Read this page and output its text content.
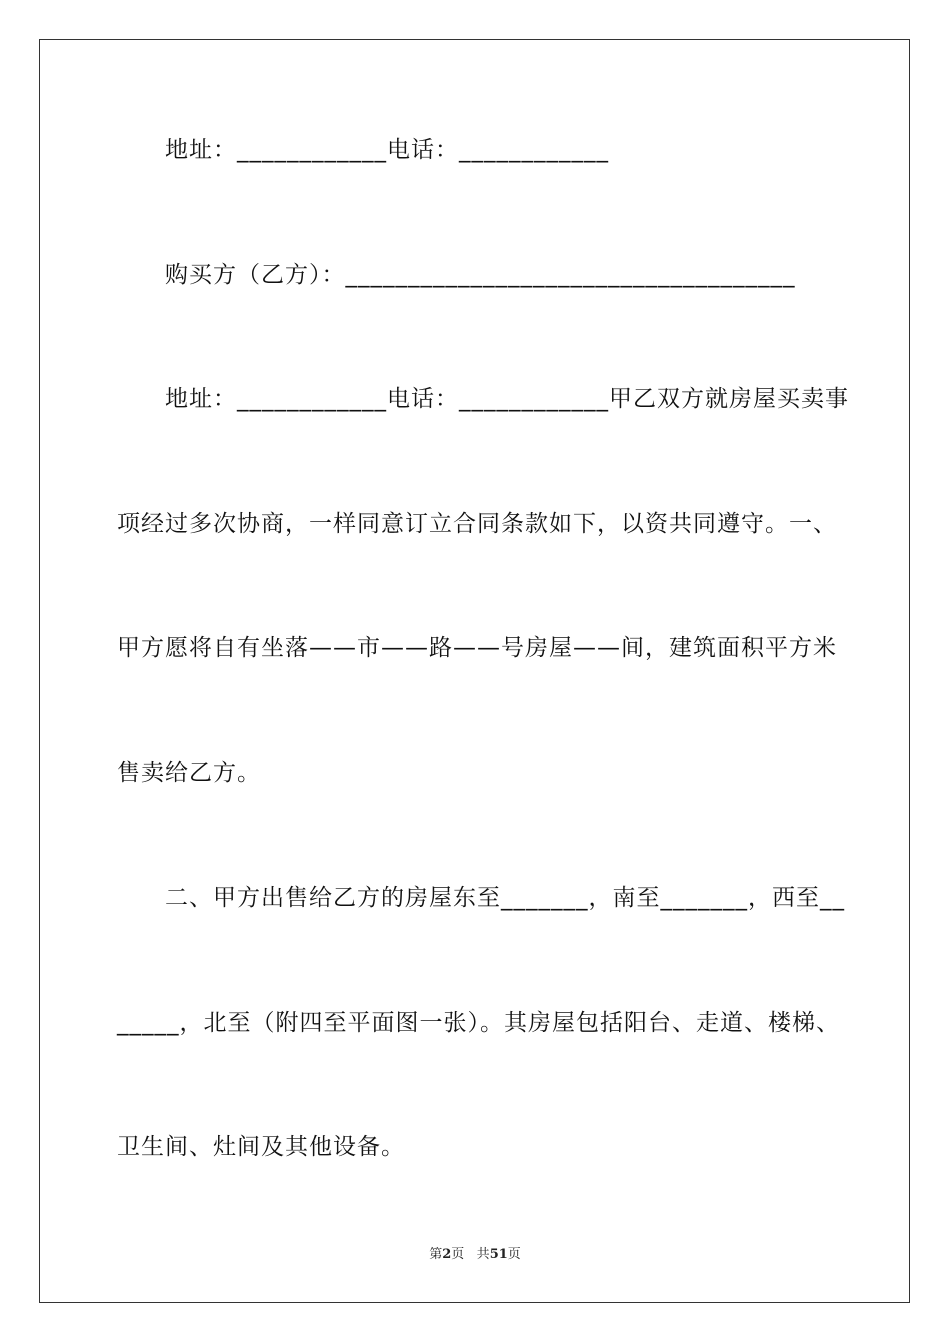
地址：____________电话：____________
购买方（乙方）：____________________________________
地址：____________电话：____________甲乙双方就房屋买卖事
项经过多次协商，一样同意订立合同条款如下，以资共同遵守。一、
甲方愿将自有坐落——市——路——号房屋——间，建筑面积平方米
售卖给乙方。
二、甲方出售给乙方的房屋东至_______，南至_______，西至__
_____，北至（附四至平面图一张）。其房屋包括阳台、走道、楼梯、
卫生间、灶间及其他设备。
第2页 共51页
